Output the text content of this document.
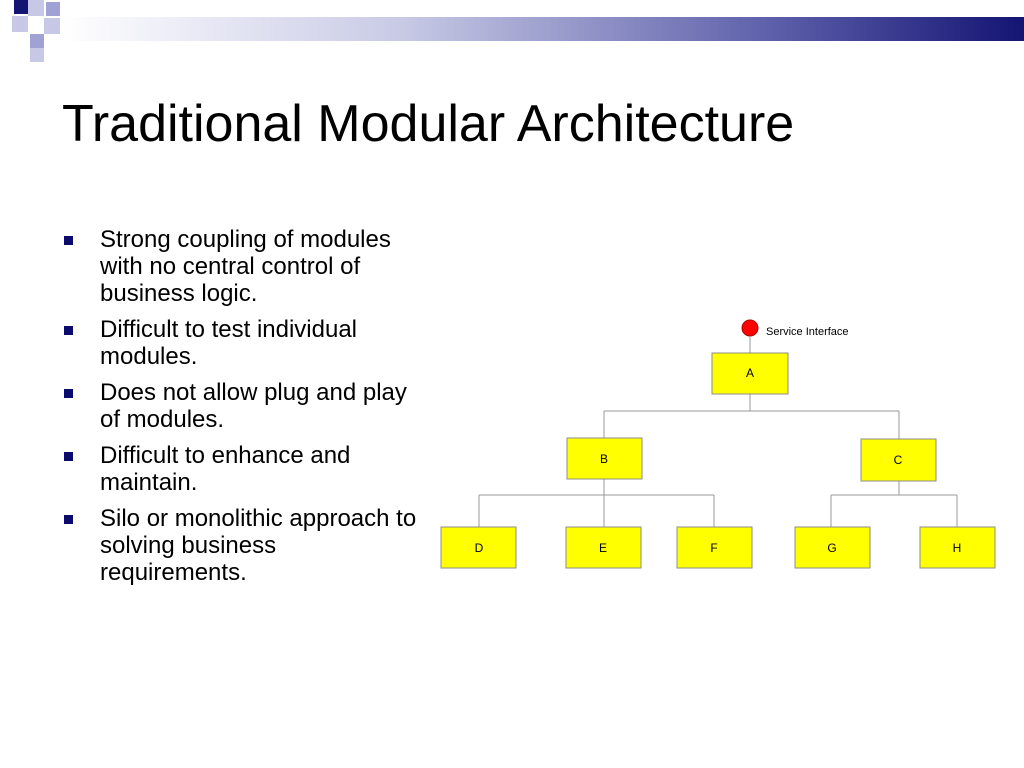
Traditional Modular Architecture
Strong coupling of modules with no central control of business logic.
Difficult to test individual modules.
Does not allow plug and play of modules.
Difficult to enhance and maintain.
Silo or monolithic approach to solving business requirements.
Service Interface
A
B	C
D	E	F	G	H
